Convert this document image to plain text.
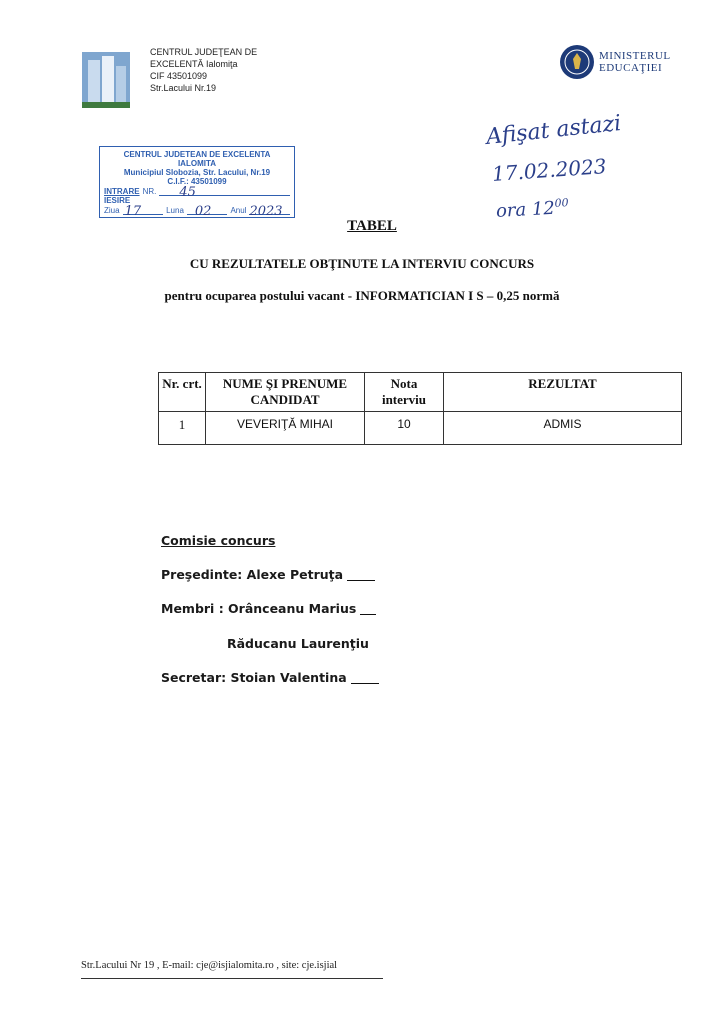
CENTRUL JUDEŢEAN DE
EXCELENTĂ Ialomiţa
CIF 43501099
Str.Lacului Nr.19
MINISTERUL
EDUCAŢIEI
CENTRUL JUDETEAN DE EXCELENTA
IALOMITA
Municipiul Slobozia, Str. Lacului, Nr.19
C.I.F.: 43501099
INTRARE NR. 45
IESIRE
Ziua 17	Luna 02 Anul 2023
Afişat astazi
17.02.2023
ora $12^{00}$
TABEL
CU REZULTATELE OBŢINUTE LA INTERVIU CONCURS
pentru ocuparea postului vacant - INFORMATICIAN I S – 0,25 normă
Nr. crt.	NUME ŞI PRENUME CANDIDAT	Nota interviu	REZULTAT
1	VEVERIŢĂ MIHAI	10	ADMIS
Comisie concurs
Preşedinte: Alexe Petruţa
Membri : Orânceanu Marius
Răducanu Laurenţiu
Secretar: Stoian Valentina
Str.Lacului Nr 19 , E-mail: cje@isjialomita.ro , site: cje.isjial
